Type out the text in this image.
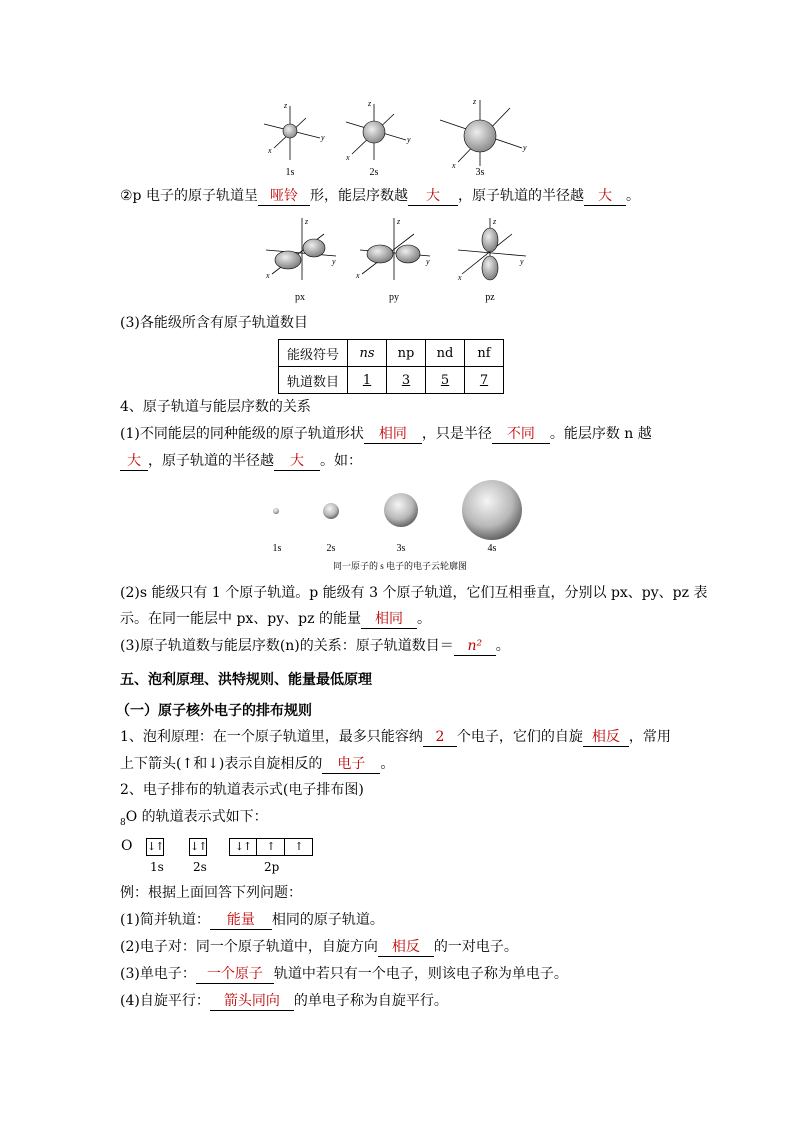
z
y
x
z
y
x
z
y
x
1s	2s	3s
②p 电子的原子轨道呈 哑铃 形，能层序数越 大 ，原子轨道的半径越 大 。
z
y
x
z
y
x
z
y
x
px	py	pz
(3)各能级所含有原子轨道数目
能级符号	ns	np	nd	nf
轨道数目	1	3	5	7
4、原子轨道与能层序数的关系
(1)不同能层的同种能级的原子轨道形状 相同 ，只是半径 不同 。能层序数 n 越
大 ，原子轨道的半径越 大 。如：
1s	2s	3s	4s
同一原子的 s 电子的电子云轮廓图
(2)s 能级只有 1 个原子轨道。p 能级有 3 个原子轨道，它们互相垂直，分别以 px、py、pz 表
示。在同一能层中 px、py、pz 的能量 相同 。
(3)原子轨道数与能层序数(n)的关系：原子轨道数目＝ n² 。
五、泡利原理、洪特规则、能量最低原理
（一）原子核外电子的排布规则
1、泡利原理：在一个原子轨道里，最多只能容纳 2 个电子，它们的自旋 相反 ，常用
上下箭头(↑和↓)表示自旋相反的 电子 。
2、电子排布的轨道表示式(电子排布图)
$_8$O 的轨道表示式如下：
O ↓↑ ↓↑	↓↑	↑	↑
1s 2s	2p
例：根据上面回答下列问题：
(1)简并轨道： 能量 相同的原子轨道。
(2)电子对：同一个原子轨道中，自旋方向 相反 的一对电子。
(3)单电子： 一个原子 轨道中若只有一个电子，则该电子称为单电子。
(4)自旋平行： 箭头同向 的单电子称为自旋平行。
